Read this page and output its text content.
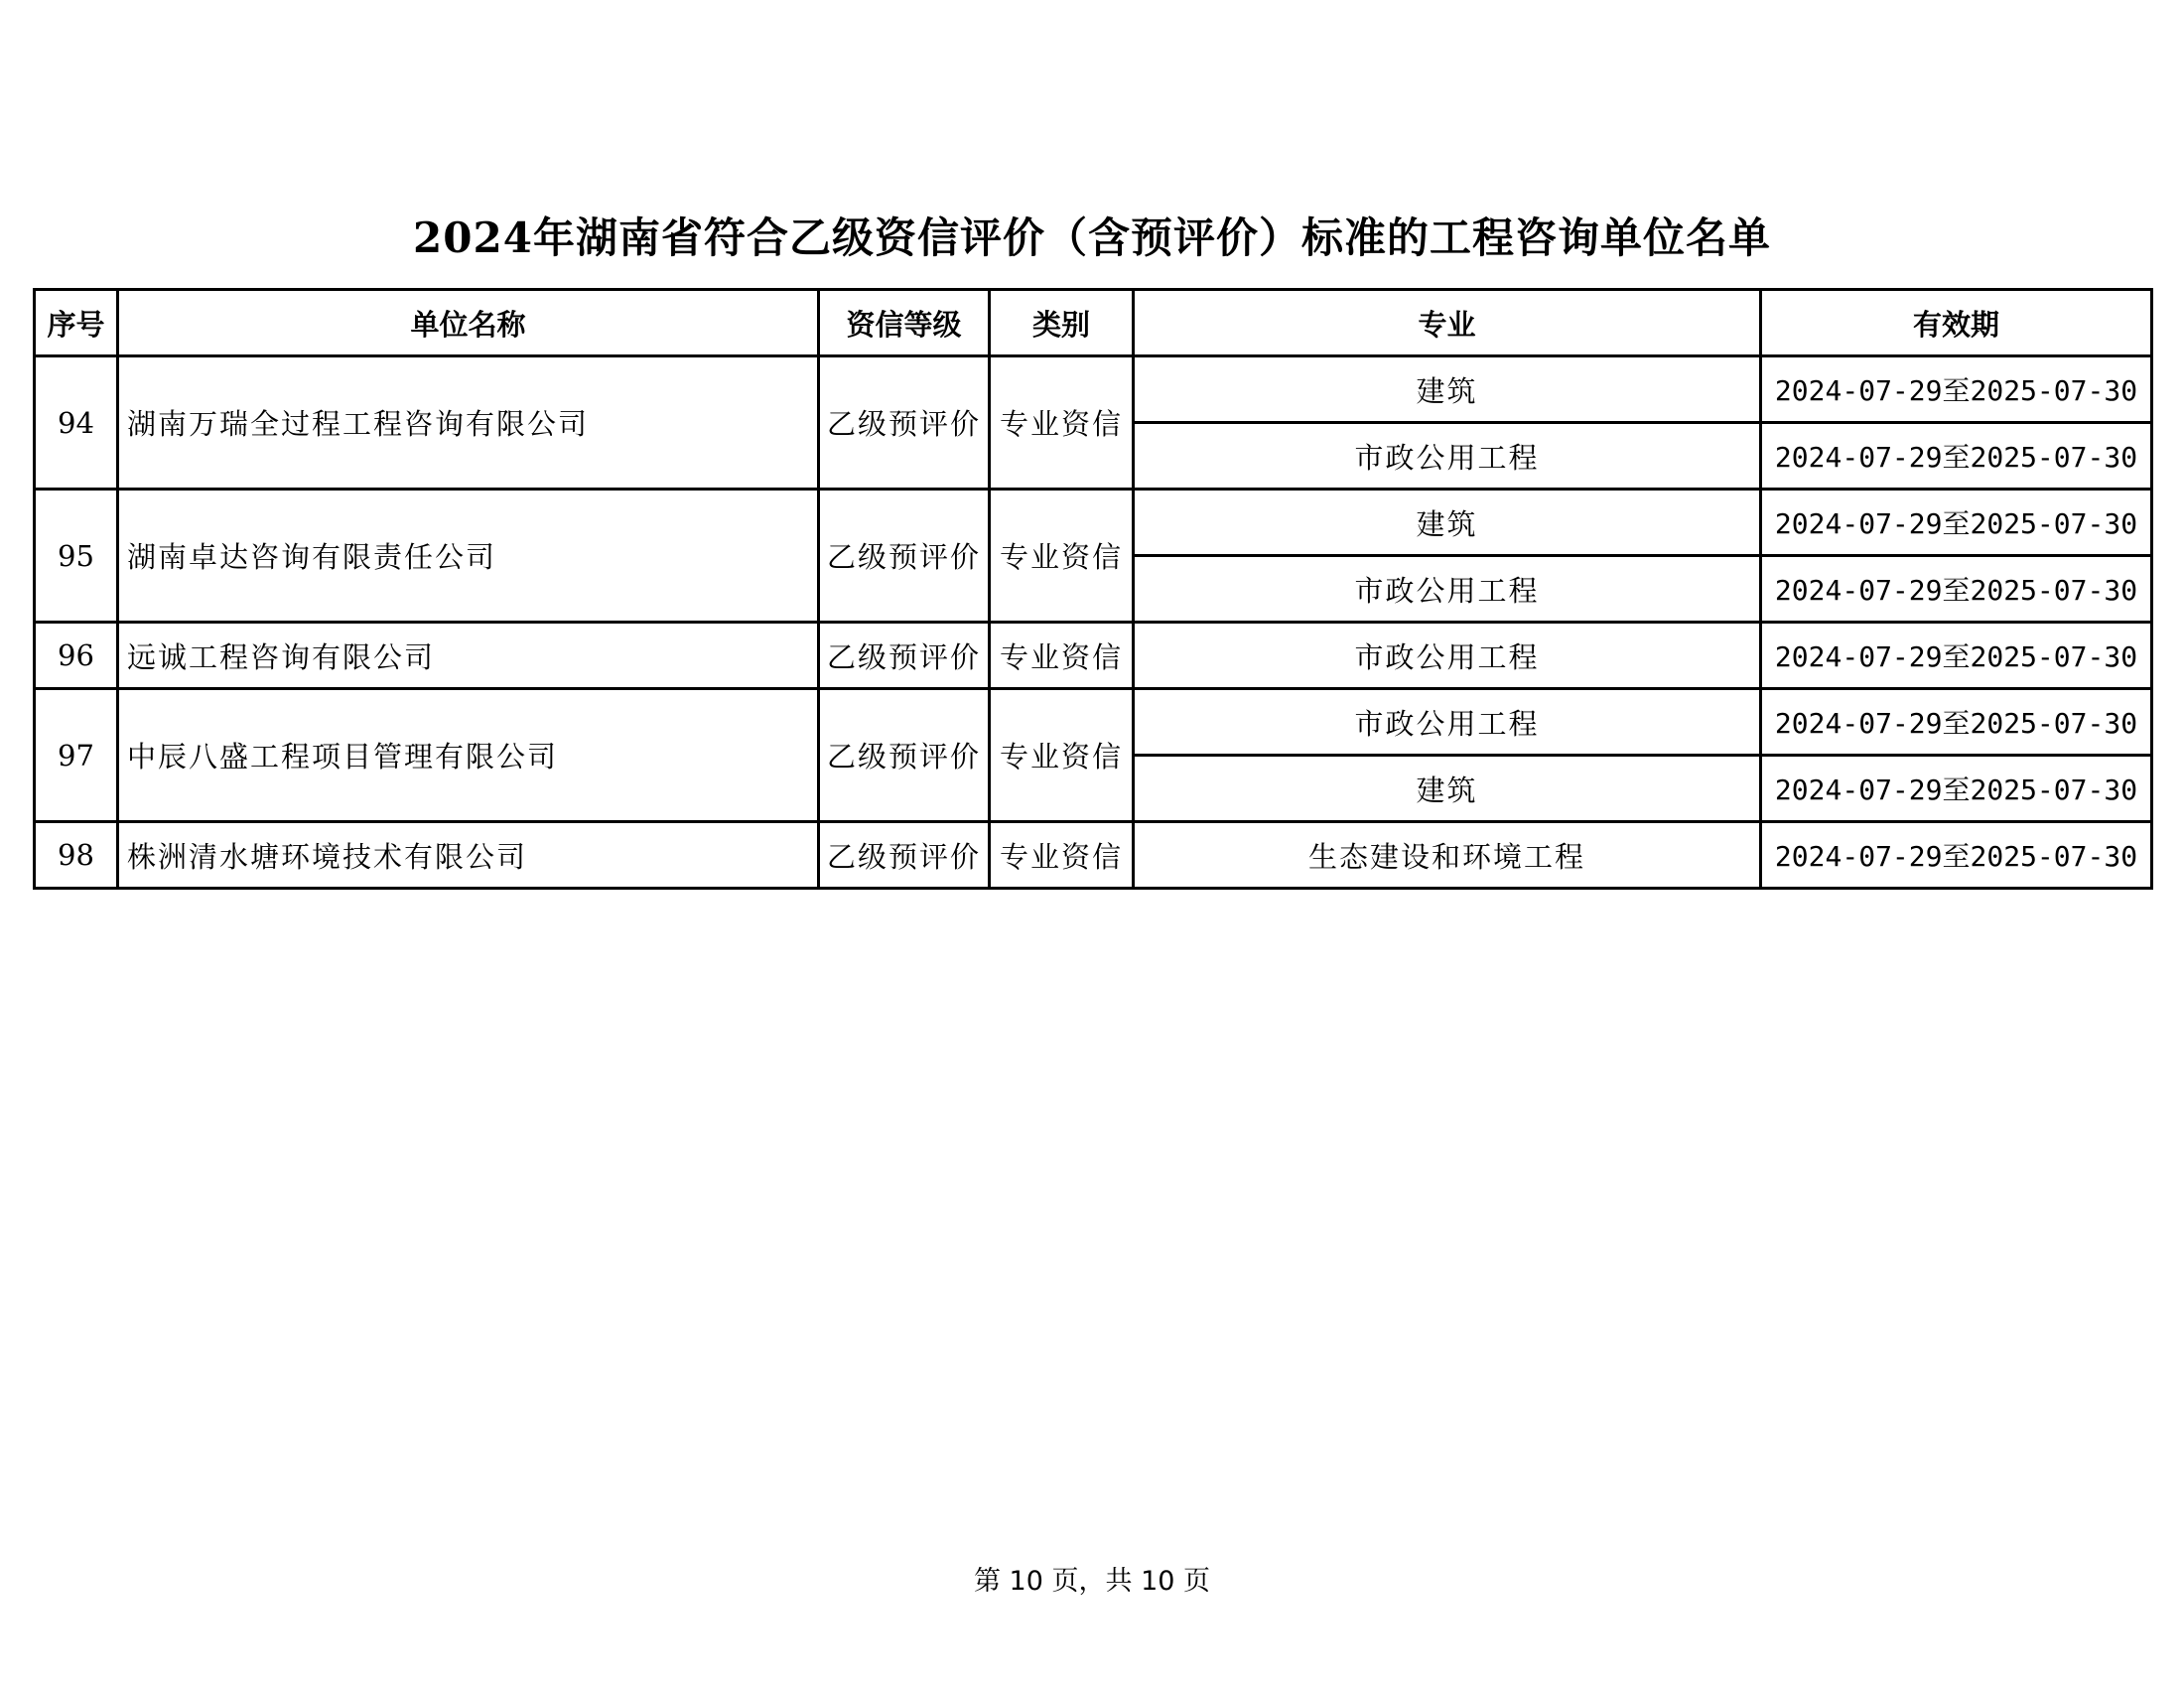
2024年湖南省符合乙级资信评价（含预评价）标准的工程咨询单位名单
序号	单位名称	资信等级	类别	专业	有效期
94	湖南万瑞全过程工程咨询有限公司	乙级预评价	专业资信	建筑	2024-07-29至2025-07-30
				市政公用工程	2024-07-29至2025-07-30
95	湖南卓达咨询有限责任公司	乙级预评价	专业资信	建筑	2024-07-29至2025-07-30
				市政公用工程	2024-07-29至2025-07-30
96	远诚工程咨询有限公司	乙级预评价	专业资信	市政公用工程	2024-07-29至2025-07-30
97	中辰八盛工程项目管理有限公司	乙级预评价	专业资信	市政公用工程	2024-07-29至2025-07-30
				建筑	2024-07-29至2025-07-30
98	株洲清水塘环境技术有限公司	乙级预评价	专业资信	生态建设和环境工程	2024-07-29至2025-07-30
第 10 页，共 10 页
